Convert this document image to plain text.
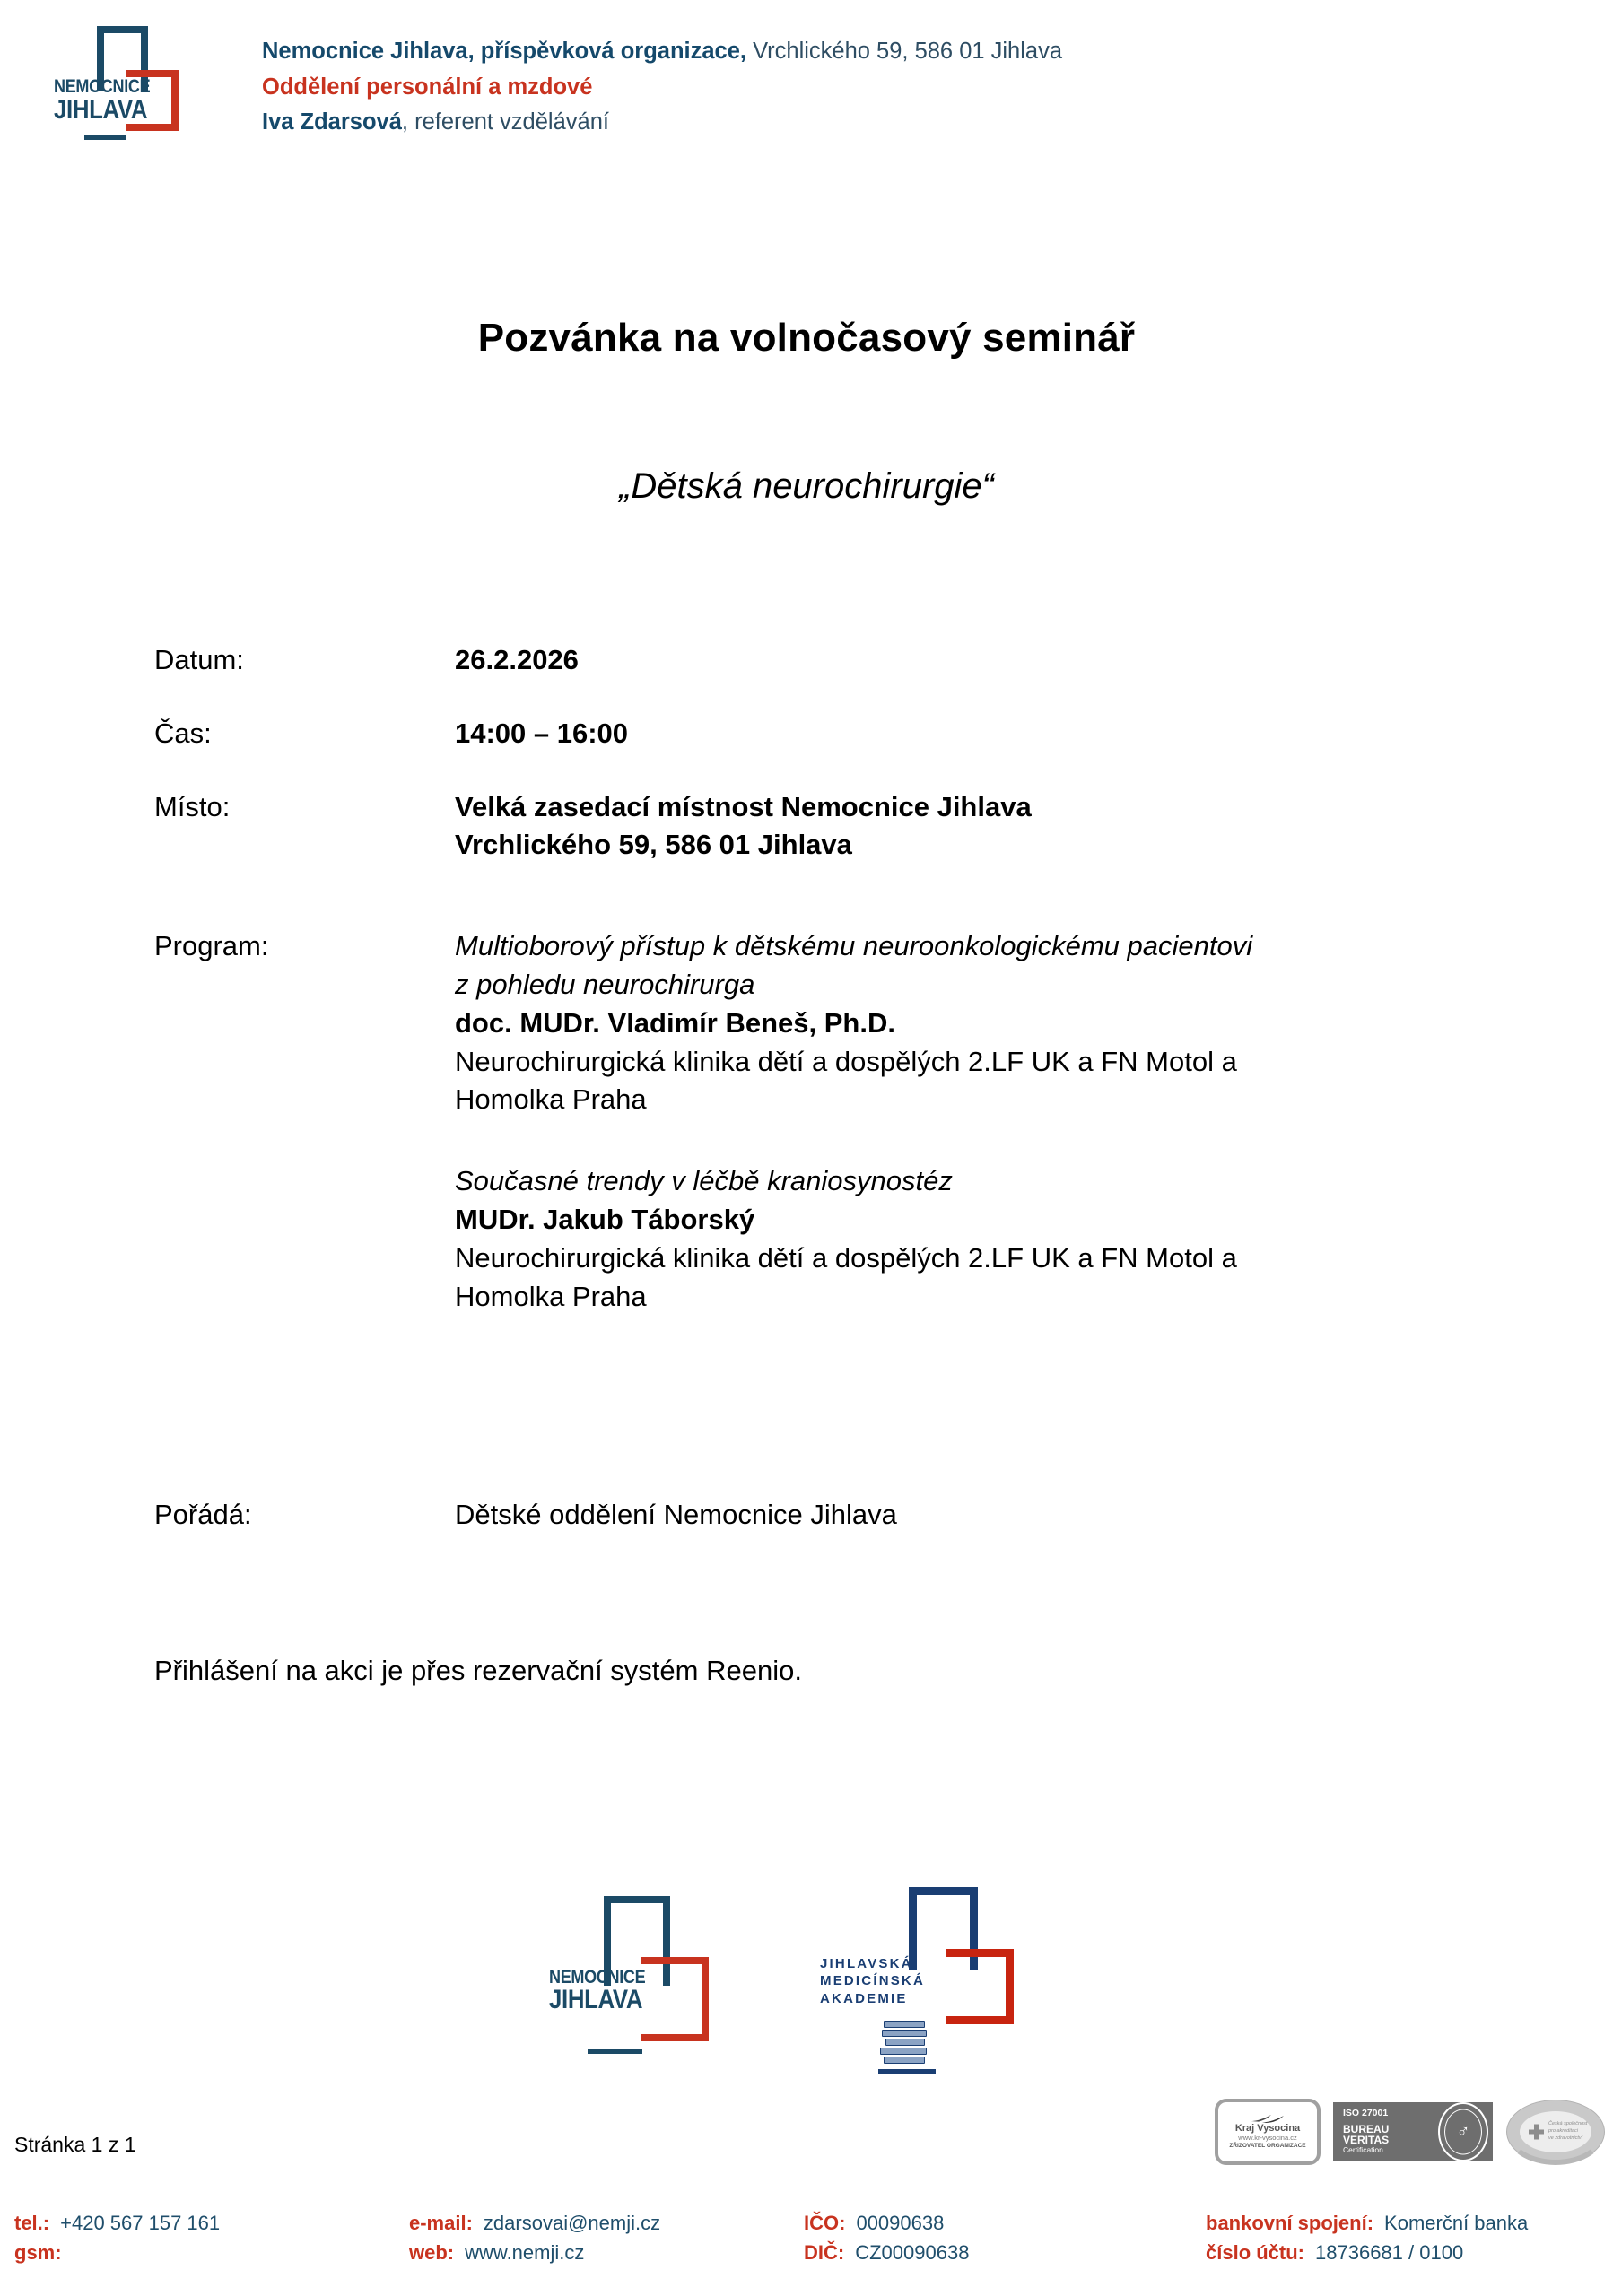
NEMOCNICE
JIHLAVA
Nemocnice Jihlava, příspěvková organizace, Vrchlického 59, 586 01 Jihlava
Oddělení personální a mzdové
Iva Zdarsová, referent vzdělávání
Pozvánka na volnočasový seminář
„Dětská neurochirurgie“
Datum:	26.2.2026
Čas:	14:00 – 16:00
Místo:	Velká zasedací místnost Nemocnice Jihlava
Vrchlického 59, 586 01 Jihlava
Program:	Multioborový přístup k dětskému neuroonkologickému pacientovi
z pohledu neurochirurga
doc. MUDr. Vladimír Beneš, Ph.D.
Neurochirurgická klinika dětí a dospělých 2.LF UK a FN Motol a
Homolka Praha
Současné trendy v léčbě kraniosynostéz
MUDr. Jakub Táborský
Neurochirurgická klinika dětí a dospělých 2.LF UK a FN Motol a
Homolka Praha
Pořádá:	Dětské oddělení Nemocnice Jihlava
Přihlášení na akci je přes rezervační systém Reenio.
NEMOCNICE
JIHLAVA
JIHLAVSKÁ
MEDICÍNSKÁ
AKADEMIE
Stránka 1 z 1
Kraj Vysocina
www.kr-vysocina.cz
ZŘIZOVATEL ORGANIZACE
ISO 27001
BUREAU VERITAS
Certification
♂	Česká společnost
pro akreditaci
ve zdravotnictví
tel.: +420 567 157 161
gsm:
e-mail: zdarsovai@nemji.cz
web: www.nemji.cz
IČO: 00090638
DIČ: CZ00090638
bankovní spojení: Komerční banka
číslo účtu: 18736681 / 0100
